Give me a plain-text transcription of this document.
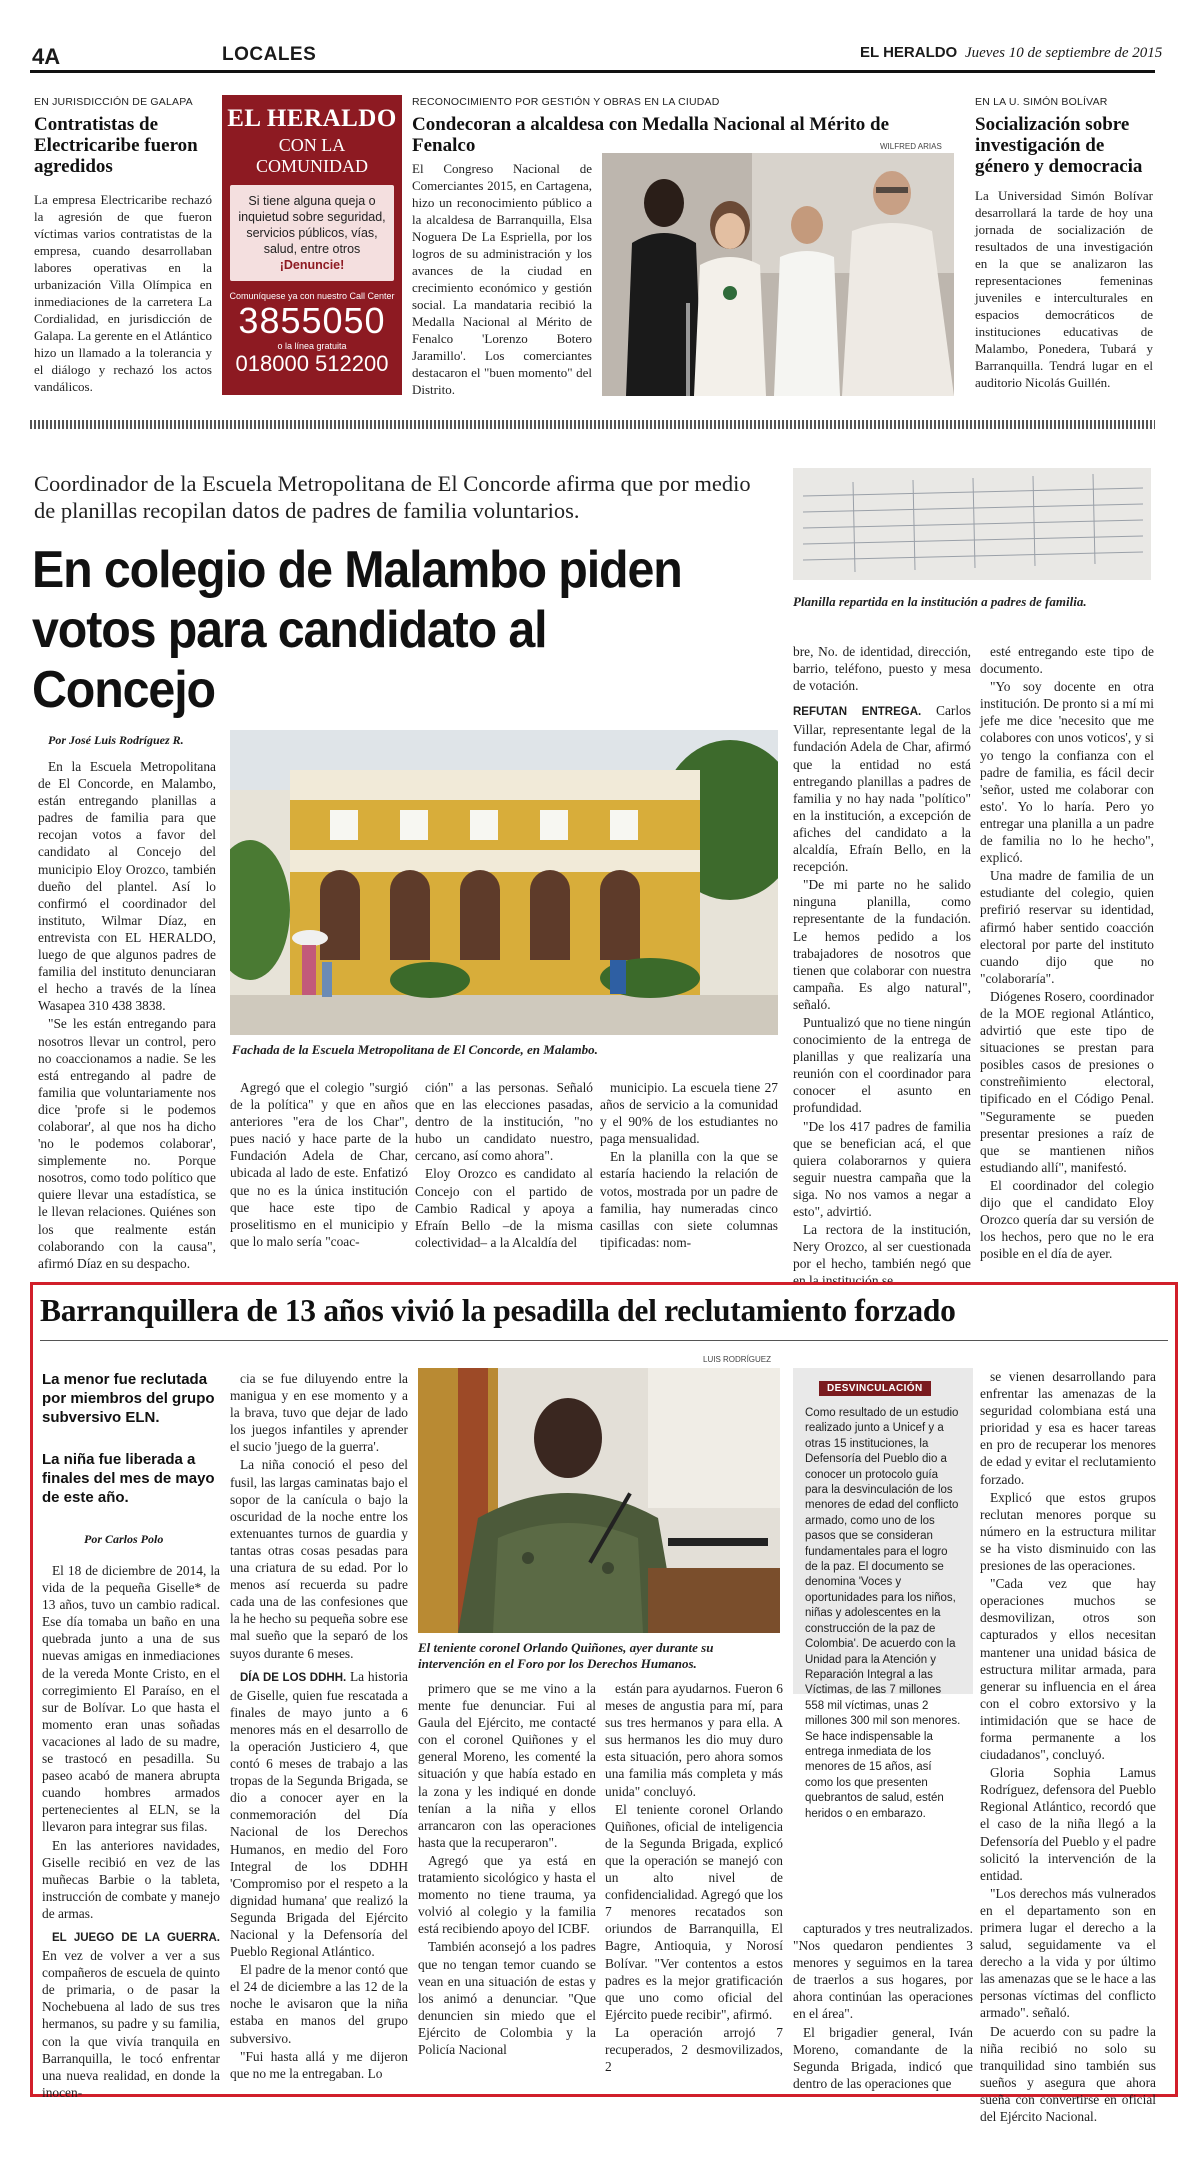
4A	LOCALES	EL HERALDO Jueves 10 de septiembre de 2015
EN JURISDICCIÓN DE GALAPA
Contratistas de Electricaribe fueron agredidos
La empresa Electricaribe rechazó la agresión de que fueron víctimas varios contratistas de la empresa, cuando desarrollaban labores operativas en la urbanización Villa Olímpica en inmediaciones de la carretera La Cordialidad, en jurisdicción de Galapa. La gerente en el Atlántico hizo un llamado a la tolerancia y el diálogo y rechazó los actos vandálicos.
EL HERALDO
CON LA COMUNIDAD
Si tiene alguna queja o inquietud sobre seguridad, servicios públicos, vías, salud, entre otros ¡Denuncie!
Comuníquese ya con nuestro Call Center
3855050
o la línea gratuita
018000 512200
RECONOCIMIENTO POR GESTIÓN Y OBRAS EN LA CIUDAD
Condecoran a alcaldesa con Medalla Nacional al Mérito de Fenalco	WILFRED ARIAS
El Congreso Nacional de Comerciantes 2015, en Cartagena, hizo un reconocimiento público a la alcaldesa de Barranquilla, Elsa Noguera De La Espriella, por los logros de su administración y los avances de la ciudad en crecimiento económico y gestión social. La mandataria recibió la Medalla Nacional al Mérito de Fenalco 'Lorenzo Botero Jaramillo'. Los comerciantes destacaron el "buen momento" del Distrito.
EN LA U. SIMÓN BOLÍVAR
Socialización sobre investigación de género y democracia
La Universidad Simón Bolívar desarrollará la tarde de hoy una jornada de socialización de resultados de una investigación en la que se analizaron las representaciones femeninas juveniles e interculturales en espacios democráticos de instituciones educativas de Malambo, Ponedera, Tubará y Barranquilla. Tendrá lugar en el auditorio Nicolás Guillén.
Coordinador de la Escuela Metropolitana de El Concorde afirma que por medio de planillas recopilan datos de padres de familia voluntarios.
En colegio de Malambo piden votos para candidato al Concejo
Planilla repartida en la institución a padres de familia.
Por José Luis Rodríguez R.

En la Escuela Metropolitana de El Concorde, en Malambo, están entregando planillas a padres de familia para que recojan votos a favor del candidato al Concejo del municipio Eloy Orozco, también dueño del plantel. Así lo confirmó el coordinador del instituto, Wilmar Díaz, en entrevista con EL HERALDO, luego de que algunos padres de familia del instituto denunciaran el hecho a través de la línea Wasapea 310 438 3838.

"Se les están entregando para nosotros llevar un control, pero no coaccionamos a nadie. Se les está entregando al padre de familia que voluntariamente nos dice 'profe si le podemos colaborar', al que nos ha dicho 'no le podemos colaborar', simplemente no. Porque nosotros, como todo político que quiere llevar una estadística, se le llevan relaciones. Quiénes son los que realmente están colaborando con la causa", afirmó Díaz en su despacho.

Fachada de la Escuela Metropolitana de El Concorde, en Malambo.

Agregó que el colegio "surgió de la política" y que en años anteriores "era de los Char", pues nació y hace parte de la Fundación Adela de Char, ubicada al lado de este. Enfatizó que no es la única institución que hace este tipo de proselitismo en el municipio y que lo malo sería "coac-

ción" a las personas. Señaló que en las elecciones pasadas, dentro de la institución, "no hubo un candidato nuestro, cercano, así como ahora".

Eloy Orozco es candidato al Concejo con el partido de Cambio Radical y apoya a Efraín Bello –de la misma colectividad– a la Alcaldía del

municipio. La escuela tiene 27 años de servicio a la comunidad y el 90% de los estudiantes no paga mensualidad.

En la planilla con la que se estaría haciendo la relación de votos, mostrada por un padre de familia, hay numeradas cinco casillas con siete columnas tipificadas: nom-

bre, No. de identidad, dirección, barrio, teléfono, puesto y mesa de votación.

REFUTAN ENTREGA. Carlos Villar, representante legal de la fundación Adela de Char, afirmó que la entidad no está entregando planillas a padres de familia y no hay nada "político" en la institución, a excepción de afiches del candidato a la alcaldía, Efraín Bello, en la recepción.

"De mi parte no he salido ninguna planilla, como representante de la fundación. Le hemos pedido a los trabajadores de nosotros que tienen que colaborar con nuestra campaña. Es algo natural", señaló.

Puntualizó que no tiene ningún conocimiento de la entrega de planillas y que realizaría una reunión con el coordinador para conocer el asunto en profundidad.

"De los 417 padres de familia que se benefician acá, el que quiera colaborarnos y quiera seguir nuestra campaña que la siga. No nos vamos a negar a esto", advirtió.

La rectora de la institución, Nery Orozco, al ser cuestionada por el hecho, también negó que en la institución se

esté entregando este tipo de documento.

"Yo soy docente en otra institución. De pronto si a mí mi jefe me dice 'necesito que me colabores con unos voticos', y si yo tengo la confianza con el padre de familia, es fácil decir 'señor, usted me colaborar con esto'. Yo lo haría. Pero yo entregar una planilla a un padre de familia no lo he hecho", explicó.

Una madre de familia de un estudiante del colegio, quien prefirió reservar su identidad, afirmó haber sentido coacción electoral por parte del instituto cuando dijo que no "colaboraría".

Diógenes Rosero, coordinador de la MOE regional Atlántico, advirtió que este tipo de situaciones se prestan para posibles casos de presiones o constreñimiento electoral, tipificado en el Código Penal. "Seguramente se pueden presentar presiones a raíz de que se mantienen niños estudiando allí", manifestó.

El coordinador del colegio dijo que el candidato Eloy Orozco quería dar su versión de los hechos, pero que no le era posible en el día de ayer.

Barranquillera de 13 años vivió la pesadilla del reclutamiento forzado
La menor fue reclutada por miembros del grupo subversivo ELN.
La niña fue liberada a finales del mes de mayo de este año.
Por Carlos Polo

El 18 de diciembre de 2014, la vida de la pequeña Giselle* de 13 años, tuvo un cambio radical. Ese día tomaba un baño en una quebrada junto a una de sus nuevas amigas en inmediaciones de la vereda Monte Cristo, en el corregimiento El Paraíso, en el sur de Bolívar. Lo que hasta el momento eran unas soñadas vacaciones al lado de su madre, se trastocó en pesadilla. Su paseo acabó de manera abrupta cuando hombres armados pertenecientes al ELN, se la llevaron para integrar sus filas.

En las anteriores navidades, Giselle recibió en vez de las muñecas Barbie o la tableta, instrucción de combate y manejo de armas.

EL JUEGO DE LA GUERRA. En vez de volver a ver a sus compañeros de escuela de quinto de primaria, o de pasar la Nochebuena al lado de sus tres hermanos, su padre y su familia, con la que vivía tranquila en Barranquilla, le tocó enfrentar una nueva realidad, en donde la inocen-

cia se fue diluyendo entre la manigua y en ese momento y a la brava, tuvo que dejar de lado los juegos infantiles y aprender el sucio 'juego de la guerra'.

La niña conoció el peso del fusil, las largas caminatas bajo el sopor de la canícula o bajo la oscuridad de la noche entre los extenuantes turnos de guardia y tantas otras cosas pesadas para una criatura de su edad. Por lo menos así recuerda su padre cada una de las confesiones que la he hecho su pequeña sobre ese mal sueño que la separó de los suyos durante 6 meses.

DÍA DE LOS DDHH. La historia de Giselle, quien fue rescatada a finales de mayo junto a 6 menores más en el desarrollo de la operación Justiciero 4, que contó 6 meses de trabajo a las tropas de la Segunda Brigada, se dio a conocer ayer en la conmemoración del Día Nacional de los Derechos Humanos, en medio del Foro Integral de los DDHH 'Compromiso por el respeto a la dignidad humana' que realizó la Segunda Brigada del Ejército Nacional y la Defensoría del Pueblo Regional Atlántico.

El padre de la menor contó que el 24 de diciembre a las 12 de la noche le avisaron que la niña estaba en manos del grupo subversivo.

"Fui hasta allá y me dijeron que no me la entregaban. Lo

LUIS RODRÍGUEZ
El teniente coronel Orlando Quiñones, ayer durante su intervención en el Foro por los Derechos Humanos.

primero que se me vino a la mente fue denunciar. Fui al Gaula del Ejército, me contacté con el coronel Quiñones y el general Moreno, les comenté la situación y que había estado en la zona y les indiqué en donde tenían a la niña y ellos arrancaron con las operaciones hasta que la recuperaron".

Agregó que ya está en tratamiento sicológico y hasta el momento no tiene trauma, ya volvió al colegio y la familia está recibiendo apoyo del ICBF.

También aconsejó a los padres que no tengan temor cuando se vean en una situación de estas y los animó a denunciar. "Que denuncien sin miedo que el Ejército de Colombia y la Policía Nacional

están para ayudarnos. Fueron 6 meses de angustia para mí, para sus tres hermanos y para ella. A sus hermanos les dio muy duro esta situación, pero ahora somos una familia más completa y más unida" concluyó.

El teniente coronel Orlando Quiñones, oficial de inteligencia de la Segunda Brigada, explicó que la operación se manejó con un alto nivel de confidencialidad. Agregó que los 7 menores recatados son oriundos de Barranquilla, El Bagre, Antioquia, y Norosí Bolívar. "Ver contentos a estos padres es la mejor gratificación que uno como oficial del Ejército puede recibir", afirmó.

La operación arrojó 7 recuperados, 2 desmovilizados, 2

DESVINCULACIÓN
Como resultado de un estudio realizado junto a Unicef y a otras 15 instituciones, la Defensoría del Pueblo dio a conocer un protocolo guía para la desvinculación de los menores de edad del conflicto armado, como uno de los pasos que se consideran fundamentales para el logro de la paz. El documento se denomina 'Voces y oportunidades para los niños, niñas y adolescentes en la construcción de la paz de Colombia'. De acuerdo con la Unidad para la Atención y Reparación Integral a las Víctimas, de las 7 millones 558 mil víctimas, unas 2 millones 300 mil son menores. Se hace indispensable la entrega inmediata de los menores de 15 años, así como los que presenten quebrantos de salud, estén heridos o en embarazo.

capturados y tres neutralizados. "Nos quedaron pendientes 3 menores y seguimos en la tarea de traerlos a sus hogares, por ahora continúan las operaciones en el área".

El brigadier general, Iván Moreno, comandante de la Segunda Brigada, indicó que dentro de las operaciones que

se vienen desarrollando para enfrentar las amenazas de la seguridad colombiana está una prioridad y esa es hacer tareas en pro de recuperar los menores de edad y evitar el reclutamiento forzado.

Explicó que estos grupos reclutan menores porque su número en la estructura militar se ha visto disminuido con las presiones de las operaciones.

"Cada vez que hay operaciones muchos se desmovilizan, otros son capturados y ellos necesitan mantener una unidad básica de estructura militar armada, para generar su influencia en el área con el cobro extorsivo y la intimidación que se hace de forma permanente a los ciudadanos", concluyó.

Gloria Sophia Lamus Rodríguez, defensora del Pueblo Regional Atlántico, recordó que el caso de la niña llegó a la Defensoría del Pueblo y el padre solicitó la intervención de la entidad.

"Los derechos más vulnerados en el departamento son en primera lugar el derecho a la salud, seguidamente va el derecho a la vida y por último las amenazas que se le hace a las personas víctimas del conflicto armado". señaló.

De acuerdo con su padre la niña recibió no solo su tranquilidad sino también sus sueños y asegura que ahora sueña con convertirse en oficial del Ejército Nacional.
